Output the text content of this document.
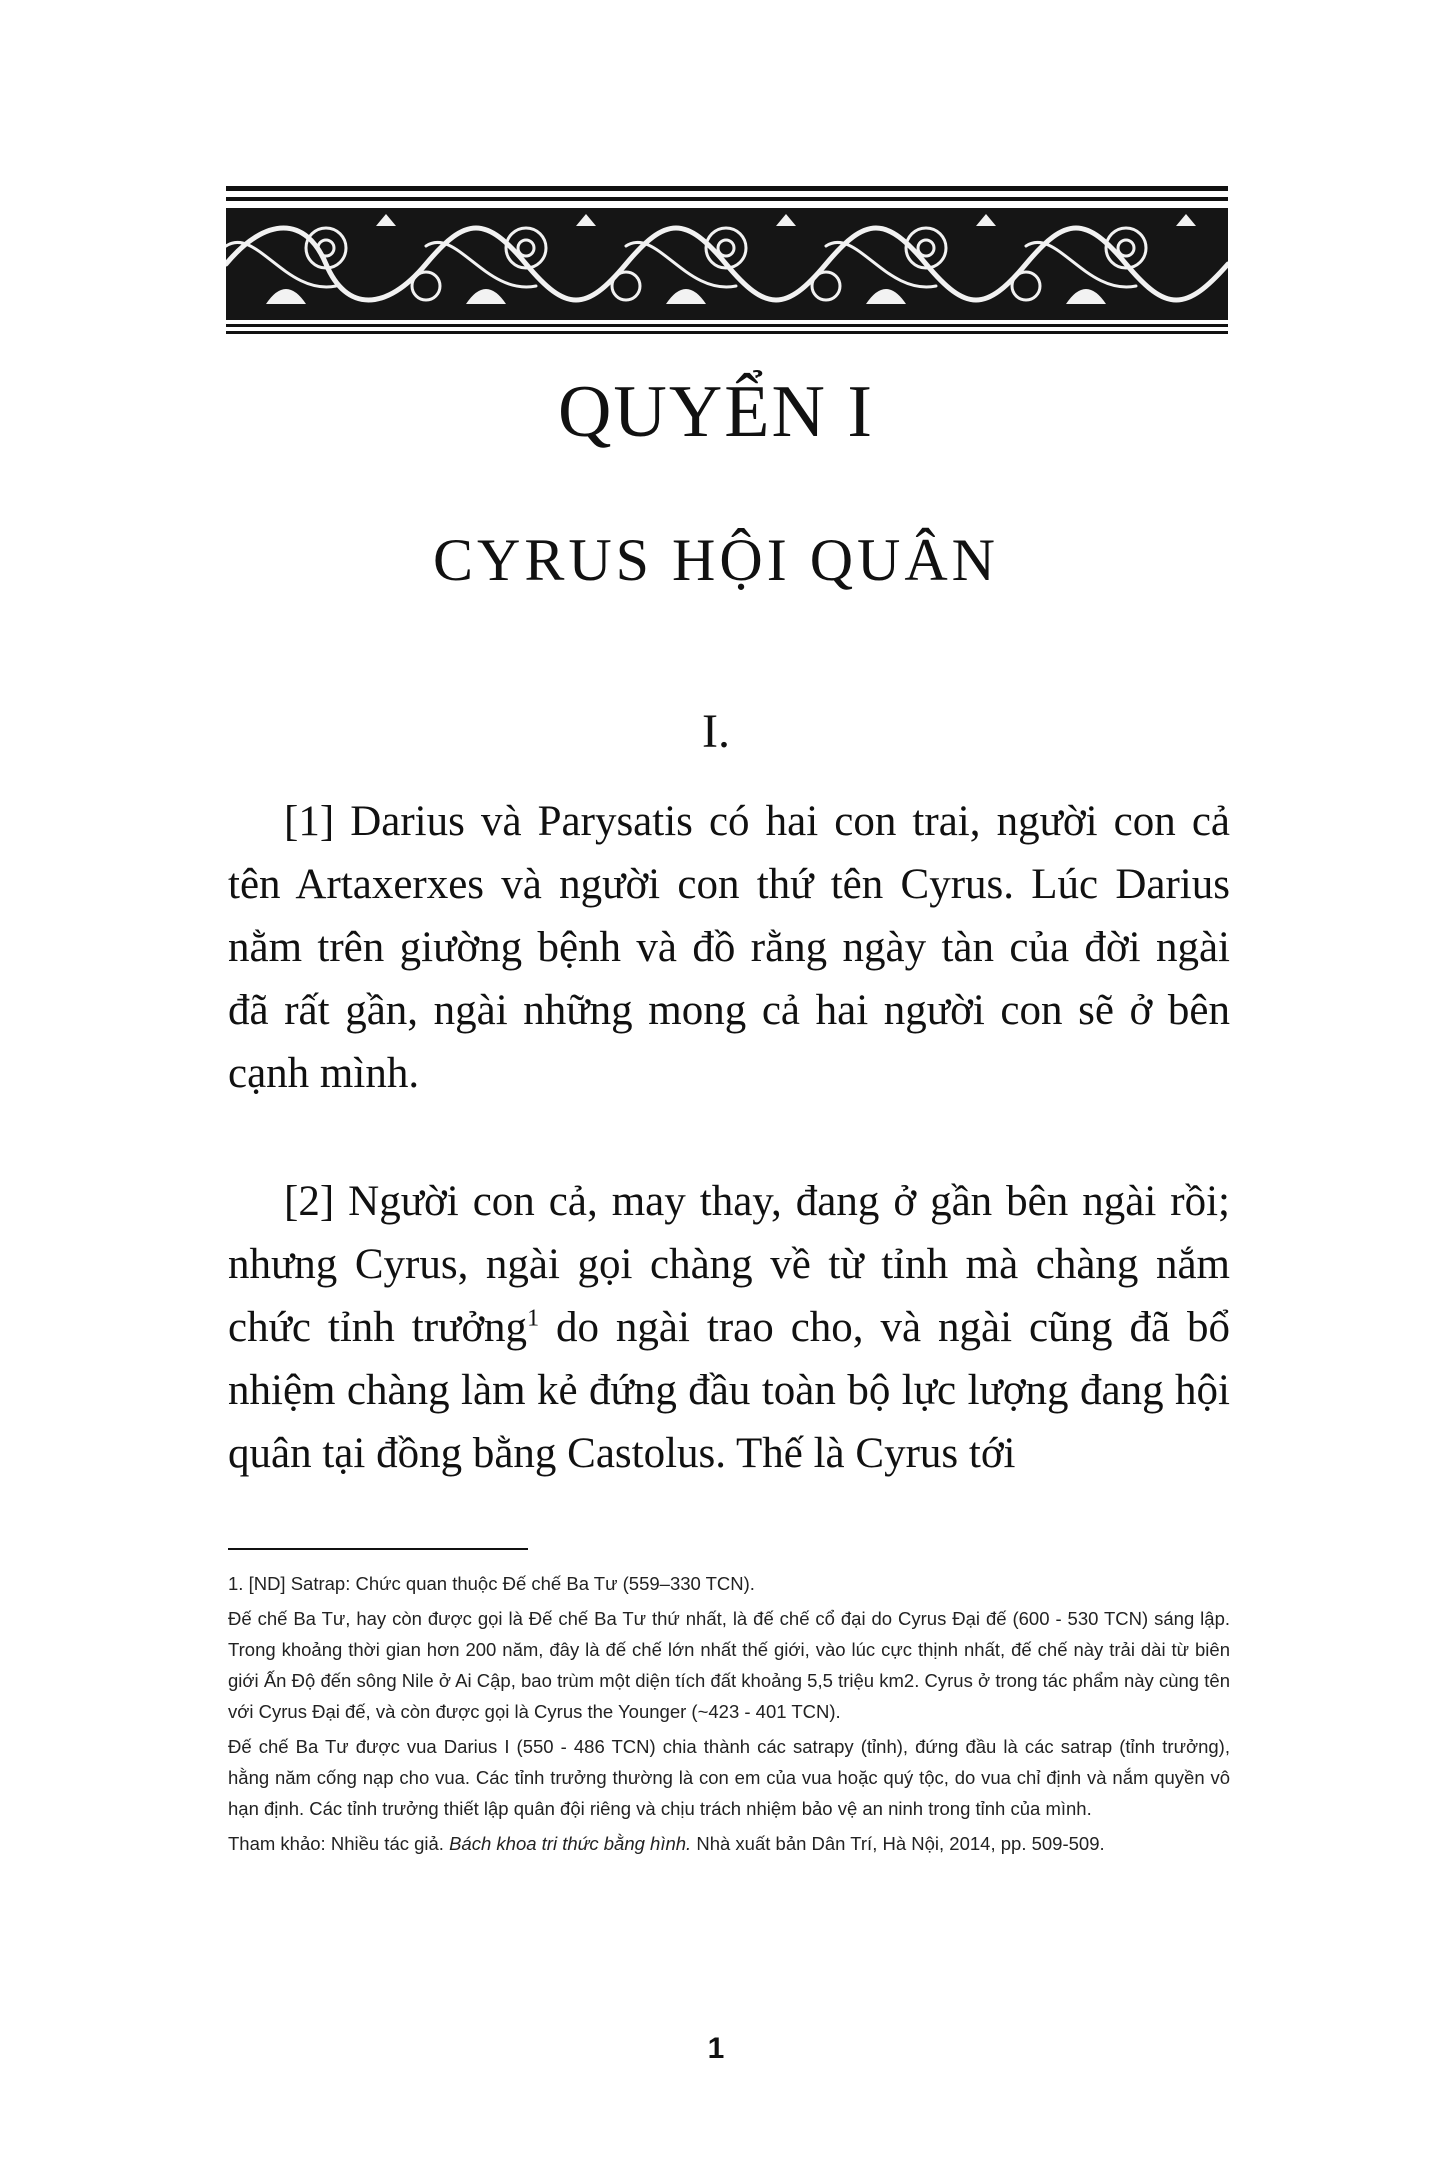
QUYỂN I
CYRUS HỘI QUÂN
I.

[1] Darius và Parysatis có hai con trai, người con cả tên Artaxerxes và người con thứ tên Cyrus. Lúc Darius nằm trên giường bệnh và đồ rằng ngày tàn của đời ngài đã rất gần, ngài những mong cả hai người con sẽ ở bên cạnh mình.

[2] Người con cả, may thay, đang ở gần bên ngài rồi; nhưng Cyrus, ngài gọi chàng về từ tỉnh mà chàng nắm chức tỉnh trưởng$^1$ do ngài trao cho, và ngài cũng đã bổ nhiệm chàng làm kẻ đứng đầu toàn bộ lực lượng đang hội quân tại đồng bằng Castolus. Thế là Cyrus tới

1. [ND] Satrap: Chức quan thuộc Đế chế Ba Tư (559–330 TCN).

Đế chế Ba Tư, hay còn được gọi là Đế chế Ba Tư thứ nhất, là đế chế cổ đại do Cyrus Đại đế (600 - 530 TCN) sáng lập. Trong khoảng thời gian hơn 200 năm, đây là đế chế lớn nhất thế giới, vào lúc cực thịnh nhất, đế chế này trải dài từ biên giới Ấn Độ đến sông Nile ở Ai Cập, bao trùm một diện tích đất khoảng 5,5 triệu km2. Cyrus ở trong tác phẩm này cùng tên với Cyrus Đại đế, và còn được gọi là Cyrus the Younger (~423 - 401 TCN).

Đế chế Ba Tư được vua Darius I (550 - 486 TCN) chia thành các satrapy (tỉnh), đứng đầu là các satrap (tỉnh trưởng), hằng năm cống nạp cho vua. Các tỉnh trưởng thường là con em của vua hoặc quý tộc, do vua chỉ định và nắm quyền vô hạn định. Các tỉnh trưởng thiết lập quân đội riêng và chịu trách nhiệm bảo vệ an ninh trong tỉnh của mình.

Tham khảo: Nhiều tác giả. Bách khoa tri thức bằng hình. Nhà xuất bản Dân Trí, Hà Nội, 2014, pp. 509-509.

1
